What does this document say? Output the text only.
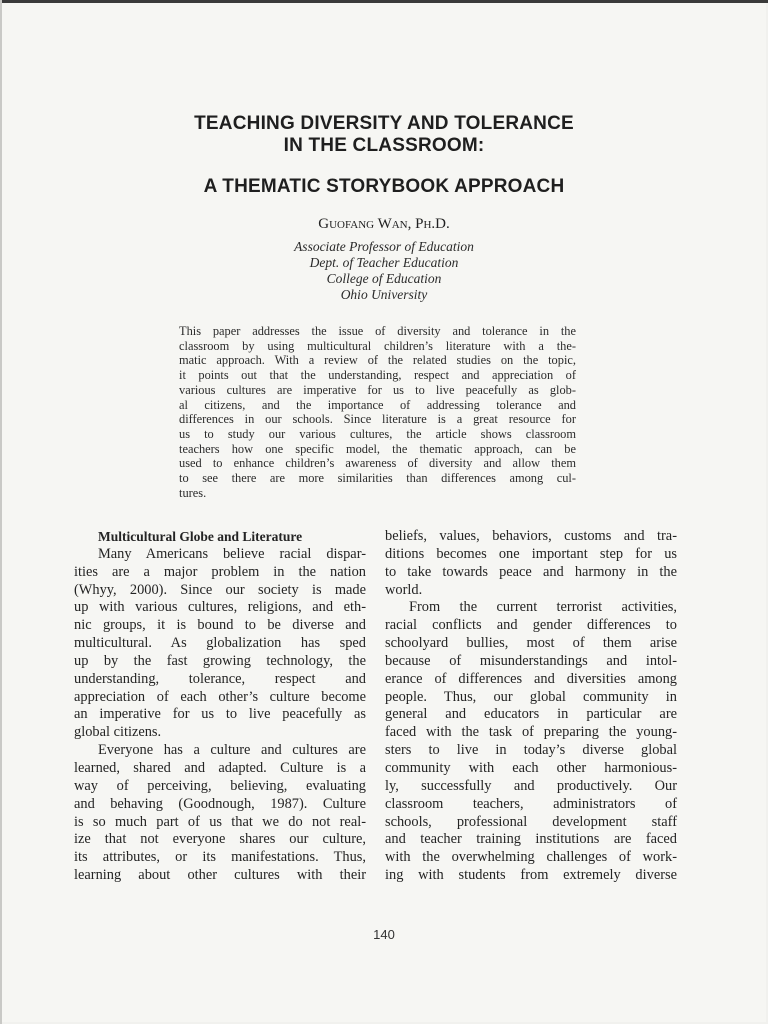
TEACHING DIVERSITY AND TOLERANCE
IN THE CLASSROOM:
A THEMATIC STORYBOOK APPROACH
Guofang Wan, Ph.D.
Associate Professor of Education
Dept. of Teacher Education
College of Education
Ohio University
This paper addresses the issue of diversity and tolerance in the
classroom by using multicultural children’s literature with a the-
matic approach. With a review of the related studies on the topic,
it points out that the understanding, respect and appreciation of
various cultures are imperative for us to live peacefully as glob-
al citizens, and the importance of addressing tolerance and
differences in our schools. Since literature is a great resource for
us to study our various cultures, the article shows classroom
teachers how one specific model, the thematic approach, can be
used to enhance children’s awareness of diversity and allow them
to see there are more similarities than differences among cul-
tures.
Multicultural Globe and Literature
Many Americans believe racial dispar-
ities are a major problem in the nation
(Whyy, 2000). Since our society is made
up with various cultures, religions, and eth-
nic groups, it is bound to be diverse and
multicultural. As globalization has sped
up by the fast growing technology, the
understanding, tolerance, respect and
appreciation of each other’s culture become
an imperative for us to live peacefully as
global citizens.
Everyone has a culture and cultures are
learned, shared and adapted. Culture is a
way of perceiving, believing, evaluating
and behaving (Goodnough, 1987). Culture
is so much part of us that we do not real-
ize that not everyone shares our culture,
its attributes, or its manifestations. Thus,
learning about other cultures with their
beliefs, values, behaviors, customs and tra-
ditions becomes one important step for us
to take towards peace and harmony in the
world.
From the current terrorist activities,
racial conflicts and gender differences to
schoolyard bullies, most of them arise
because of misunderstandings and intol-
erance of differences and diversities among
people. Thus, our global community in
general and educators in particular are
faced with the task of preparing the young-
sters to live in today’s diverse global
community with each other harmonious-
ly, successfully and productively. Our
classroom teachers, administrators of
schools, professional development staff
and teacher training institutions are faced
with the overwhelming challenges of work-
ing with students from extremely diverse
140
